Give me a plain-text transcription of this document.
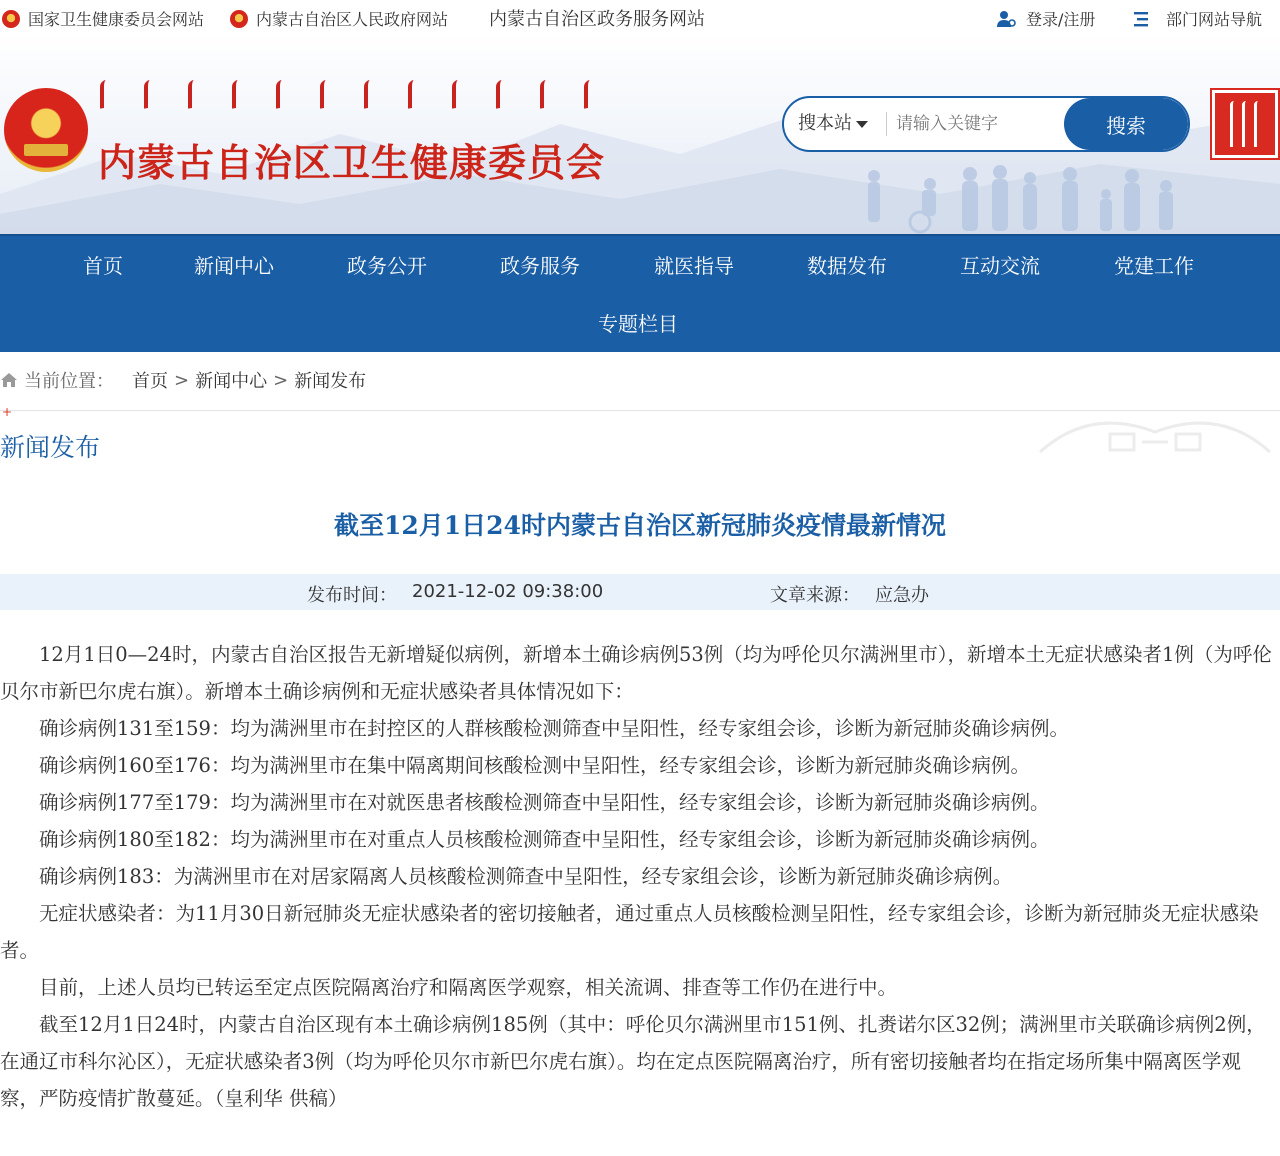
国家卫生健康委员会网站	内蒙古自治区人民政府网站 内蒙古自治区政务服务网站	登录/注册	部门网站导航
内蒙古自治区卫生健康委员会
搜本站
请输入关键字	搜索
首页	新闻中心	政务公开	政务服务	就医指导	数据发布	互动交流	党建工作
专题栏目
当前位置： 首页 > 新闻中心 > 新闻发布
+
新闻发布
截至12月1日24时内蒙古自治区新冠肺炎疫情最新情况
发布时间： 2021-12-02 09:38:00	文章来源： 应急办

12月1日0—24时，内蒙古自治区报告无新增疑似病例，新增本土确诊病例53例（均为呼伦贝尔满洲里市），新增本土无症状感染者1例（为呼伦贝尔市新巴尔虎右旗）。新增本土确诊病例和无症状感染者具体情况如下：

确诊病例131至159：均为满洲里市在封控区的人群核酸检测筛查中呈阳性，经专家组会诊，诊断为新冠肺炎确诊病例。

确诊病例160至176：均为满洲里市在集中隔离期间核酸检测中呈阳性，经专家组会诊，诊断为新冠肺炎确诊病例。

确诊病例177至179：均为满洲里市在对就医患者核酸检测筛查中呈阳性，经专家组会诊，诊断为新冠肺炎确诊病例。

确诊病例180至182：均为满洲里市在对重点人员核酸检测筛查中呈阳性，经专家组会诊，诊断为新冠肺炎确诊病例。

确诊病例183：为满洲里市在对居家隔离人员核酸检测筛查中呈阳性，经专家组会诊，诊断为新冠肺炎确诊病例。

无症状感染者：为11月30日新冠肺炎无症状感染者的密切接触者，通过重点人员核酸检测呈阳性，经专家组会诊，诊断为新冠肺炎无症状感染者。

目前，上述人员均已转运至定点医院隔离治疗和隔离医学观察，相关流调、排查等工作仍在进行中。

截至12月1日24时，内蒙古自治区现有本土确诊病例185例（其中：呼伦贝尔满洲里市151例、扎赉诺尔区32例；满洲里市关联确诊病例2例，在通辽市科尔沁区），无症状感染者3例（均为呼伦贝尔市新巴尔虎右旗）。均在定点医院隔离治疗，所有密切接触者均在指定场所集中隔离医学观察，严防疫情扩散蔓延。（皇利华 供稿）
